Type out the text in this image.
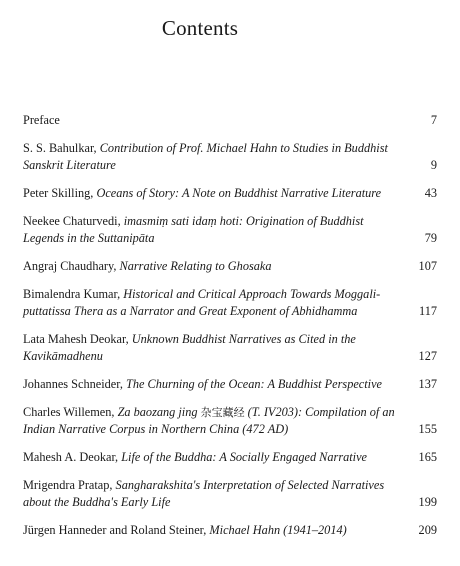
Contents
Preface	7
S. S. Bahulkar, Contribution of Prof. Michael Hahn to Studies in Buddhist Sanskrit Literature	9
Peter Skilling, Oceans of Story: A Note on Buddhist Narrative Literature	43
Neekee Chaturvedi, imasmiṃ sati idaṃ hoti: Origination of Buddhist Legends in the Suttanipāta	79
Angraj Chaudhary, Narrative Relating to Ghosaka	107
Bimalendra Kumar, Historical and Critical Approach Towards Moggaliputtatissa Thera as a Narrator and Great Exponent of Abhidhamma	117
Lata Mahesh Deokar, Unknown Buddhist Narratives as Cited in the Kavikāmadhenu	127
Johannes Schneider, The Churning of the Ocean: A Buddhist Perspective	137
Charles Willemen, Za baozang jing 杂宝藏经 (T. IV203): Compilation of an Indian Narrative Corpus in Northern China (472 AD)	155
Mahesh A. Deokar, Life of the Buddha: A Socially Engaged Narrative	165
Mrigendra Pratap, Sangharakshita's Interpretation of Selected Narratives about the Buddha's Early Life	199
Jürgen Hanneder and Roland Steiner, Michael Hahn (1941–2014)	209
